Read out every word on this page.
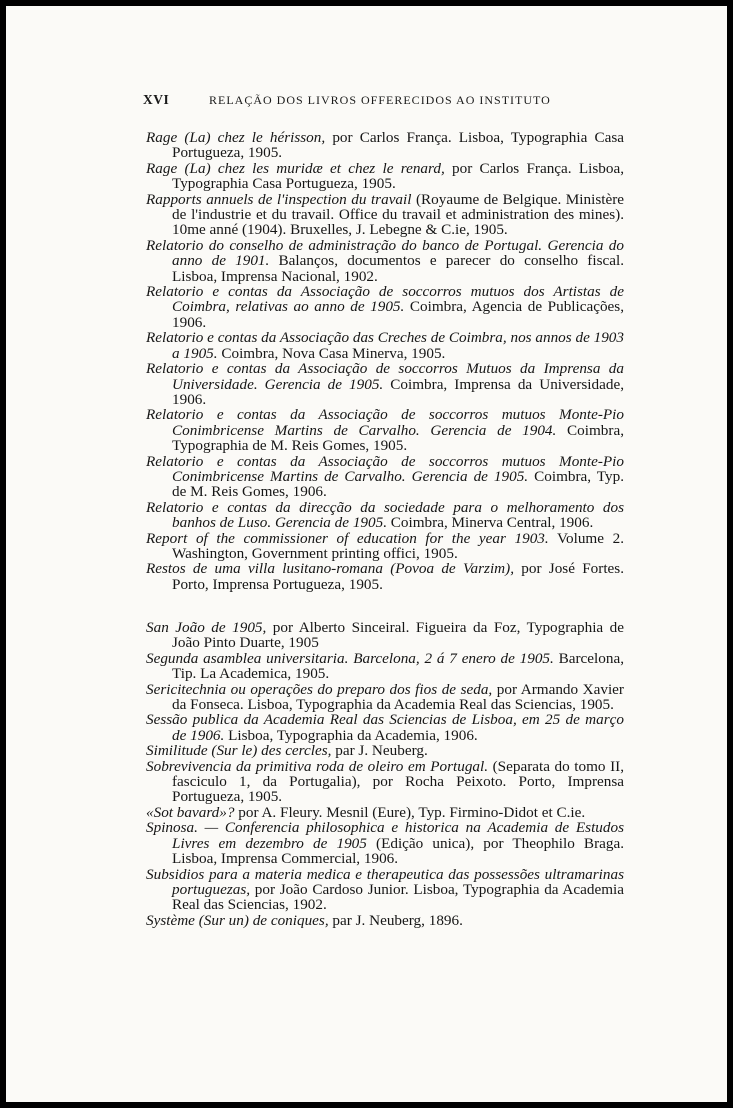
XVI	RELAÇÃO DOS LIVROS OFFERECIDOS AO INSTITUTO

Rage (La) chez le hérisson, por Carlos França. Lisboa, Typographia Casa Portugueza, 1905.

Rage (La) chez les muridæ et chez le renard, por Carlos França. Lisboa, Typographia Casa Portugueza, 1905.

Rapports annuels de l'inspection du travail (Royaume de Belgique. Ministère de l'industrie et du travail. Office du travail et administration des mines). 10me anné (1904). Bruxelles, J. Lebegne & C.ie, 1905.

Relatorio do conselho de administração do banco de Portugal. Gerencia do anno de 1901. Balanços, documentos e parecer do conselho fiscal. Lisboa, Imprensa Nacional, 1902.

Relatorio e contas da Associação de soccorros mutuos dos Artistas de Coimbra, relativas ao anno de 1905. Coimbra, Agencia de Publicações, 1906.

Relatorio e contas da Associação das Creches de Coimbra, nos annos de 1903 a 1905. Coimbra, Nova Casa Minerva, 1905.

Relatorio e contas da Associação de soccorros Mutuos da Imprensa da Universidade. Gerencia de 1905. Coimbra, Imprensa da Universidade, 1906.

Relatorio e contas da Associação de soccorros mutuos Monte-Pio Conimbricense Martins de Carvalho. Gerencia de 1904. Coimbra, Typographia de M. Reis Gomes, 1905.

Relatorio e contas da Associação de soccorros mutuos Monte-Pio Conimbricense Martins de Carvalho. Gerencia de 1905. Coimbra, Typ. de M. Reis Gomes, 1906.

Relatorio e contas da direcção da sociedade para o melhoramento dos banhos de Luso. Gerencia de 1905. Coimbra, Minerva Central, 1906.

Report of the commissioner of education for the year 1903. Volume 2. Washington, Government printing offici, 1905.

Restos de uma villa lusitano-romana (Povoa de Varzim), por José Fortes. Porto, Imprensa Portugueza, 1905.

San João de 1905, por Alberto Sinceiral. Figueira da Foz, Typographia de João Pinto Duarte, 1905

Segunda asamblea universitaria. Barcelona, 2 á 7 enero de 1905. Barcelona, Tip. La Academica, 1905.

Sericitechnia ou operações do preparo dos fios de seda, por Armando Xavier da Fonseca. Lisboa, Typographia da Academia Real das Sciencias, 1905.

Sessão publica da Academia Real das Sciencias de Lisboa, em 25 de março de 1906. Lisboa, Typographia da Academia, 1906.

Similitude (Sur le) des cercles, par J. Neuberg.

Sobrevivencia da primitiva roda de oleiro em Portugal. (Separata do tomo II, fasciculo 1, da Portugalia), por Rocha Peixoto. Porto, Imprensa Portugueza, 1905.

«Sot bavard»? por A. Fleury. Mesnil (Eure), Typ. Firmino-Didot et C.ie.

Spinosa. — Conferencia philosophica e historica na Academia de Estudos Livres em dezembro de 1905 (Edição unica), por Theophilo Braga. Lisboa, Imprensa Commercial, 1906.

Subsidios para a materia medica e therapeutica das possessões ultramarinas portuguezas, por João Cardoso Junior. Lisboa, Typographia da Academia Real das Sciencias, 1902.

Système (Sur un) de coniques, par J. Neuberg, 1896.
